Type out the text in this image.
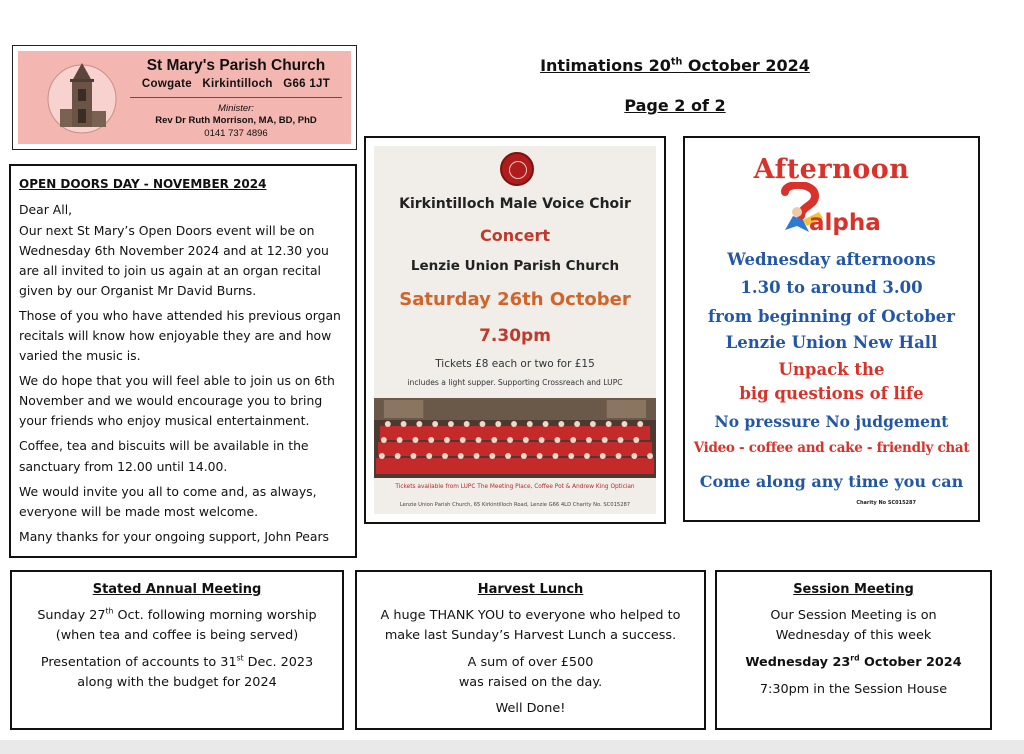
St Mary's Parish Church
Cowgate   Kirkintilloch   G66 1JT
Minister:
Rev Dr Ruth Morrison, MA, BD, PhD
0141 737 4896
Intimations 20th October 2024
Page 2 of 2
OPEN DOORS DAY - NOVEMBER 2024
Dear All,

Our next St Mary’s Open Doors event will be on Wednesday 6th November 2024 and at 12.30 you are all invited to join us again at an organ recital given by our Organist Mr David Burns.

Those of you who have attended his previous organ recitals will know how enjoyable they are and how varied the music is.

We do hope that you will feel able to join us on 6th November and we would encourage you to bring your friends who enjoy musical entertainment.

Coffee, tea and biscuits will be available in the sanctuary from 12.00 until 14.00.

We would invite you all to come and, as always, everyone will be made most welcome.

Many thanks for your ongoing support, John Pears

Kirkintilloch Male Voice Choir
Concert
Lenzie Union Parish Church
Saturday 26th October
7.30pm
Tickets £8 each or two for £15
includes a light supper. Supporting Crossreach and LUPC
Tickets available from LUPC The Meeting Place, Coffee Pot & Andrew King Optician
Lenzie Union Parish Church, 65 Kirkintilloch Road, Lenzie G66 4LD Charity No. SC015287
Afternoon
alpha
Wednesday afternoons
1.30 to around 3.00
from beginning of October
Lenzie Union New Hall
Unpack the
big questions of life
No pressure No judgement
Video - coffee and cake - friendly chat
Come along any time you can
Charity No SC015287
Stated Annual Meeting

Sunday 27th Oct. following morning worship (when tea and coffee is being served)

Presentation of accounts to 31st Dec. 2023 along with the budget for 2024

Harvest Lunch

A huge THANK YOU to everyone who helped to make last Sunday’s Harvest Lunch a success.

A sum of over £500 was raised on the day.

Well Done!

Session Meeting

Our Session Meeting is on Wednesday of this week

Wednesday 23rd October 2024

7:30pm in the Session House
